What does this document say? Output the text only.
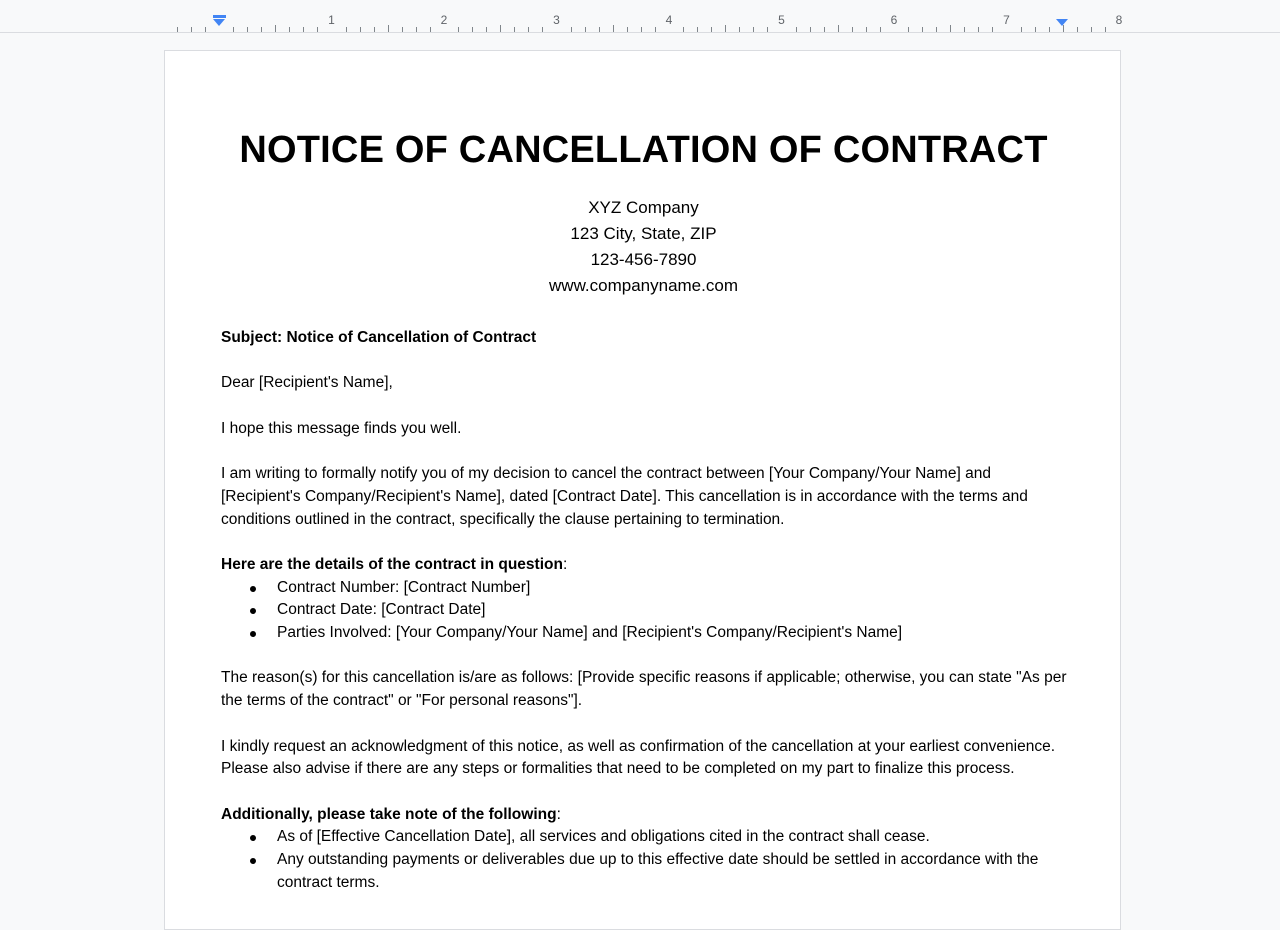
1	2	3	4	5	6	7	8
NOTICE OF CANCELLATION OF CONTRACT
XYZ Company
123 City, State, ZIP
123-456-7890
www.companyname.com

Subject: Notice of Cancellation of Contract

Dear [Recipient's Name],

I hope this message finds you well.

I am writing to formally notify you of my decision to cancel the contract between [Your Company/Your Name] and [Recipient's Company/Recipient's Name], dated [Contract Date]. This cancellation is in accordance with the terms and conditions outlined in the contract, specifically the clause pertaining to termination.

Here are the details of the contract in question:

Contract Number: [Contract Number]
Contract Date: [Contract Date]
Parties Involved: [Your Company/Your Name] and [Recipient's Company/Recipient's Name]

The reason(s) for this cancellation is/are as follows: [Provide specific reasons if applicable; otherwise, you can state "As per the terms of the contract" or "For personal reasons"].

I kindly request an acknowledgment of this notice, as well as confirmation of the cancellation at your earliest convenience. Please also advise if there are any steps or formalities that need to be completed on my part to finalize this process.

Additionally, please take note of the following:

As of [Effective Cancellation Date], all services and obligations cited in the contract shall cease.
Any outstanding payments or deliverables due up to this effective date should be settled in accordance with the contract terms.
